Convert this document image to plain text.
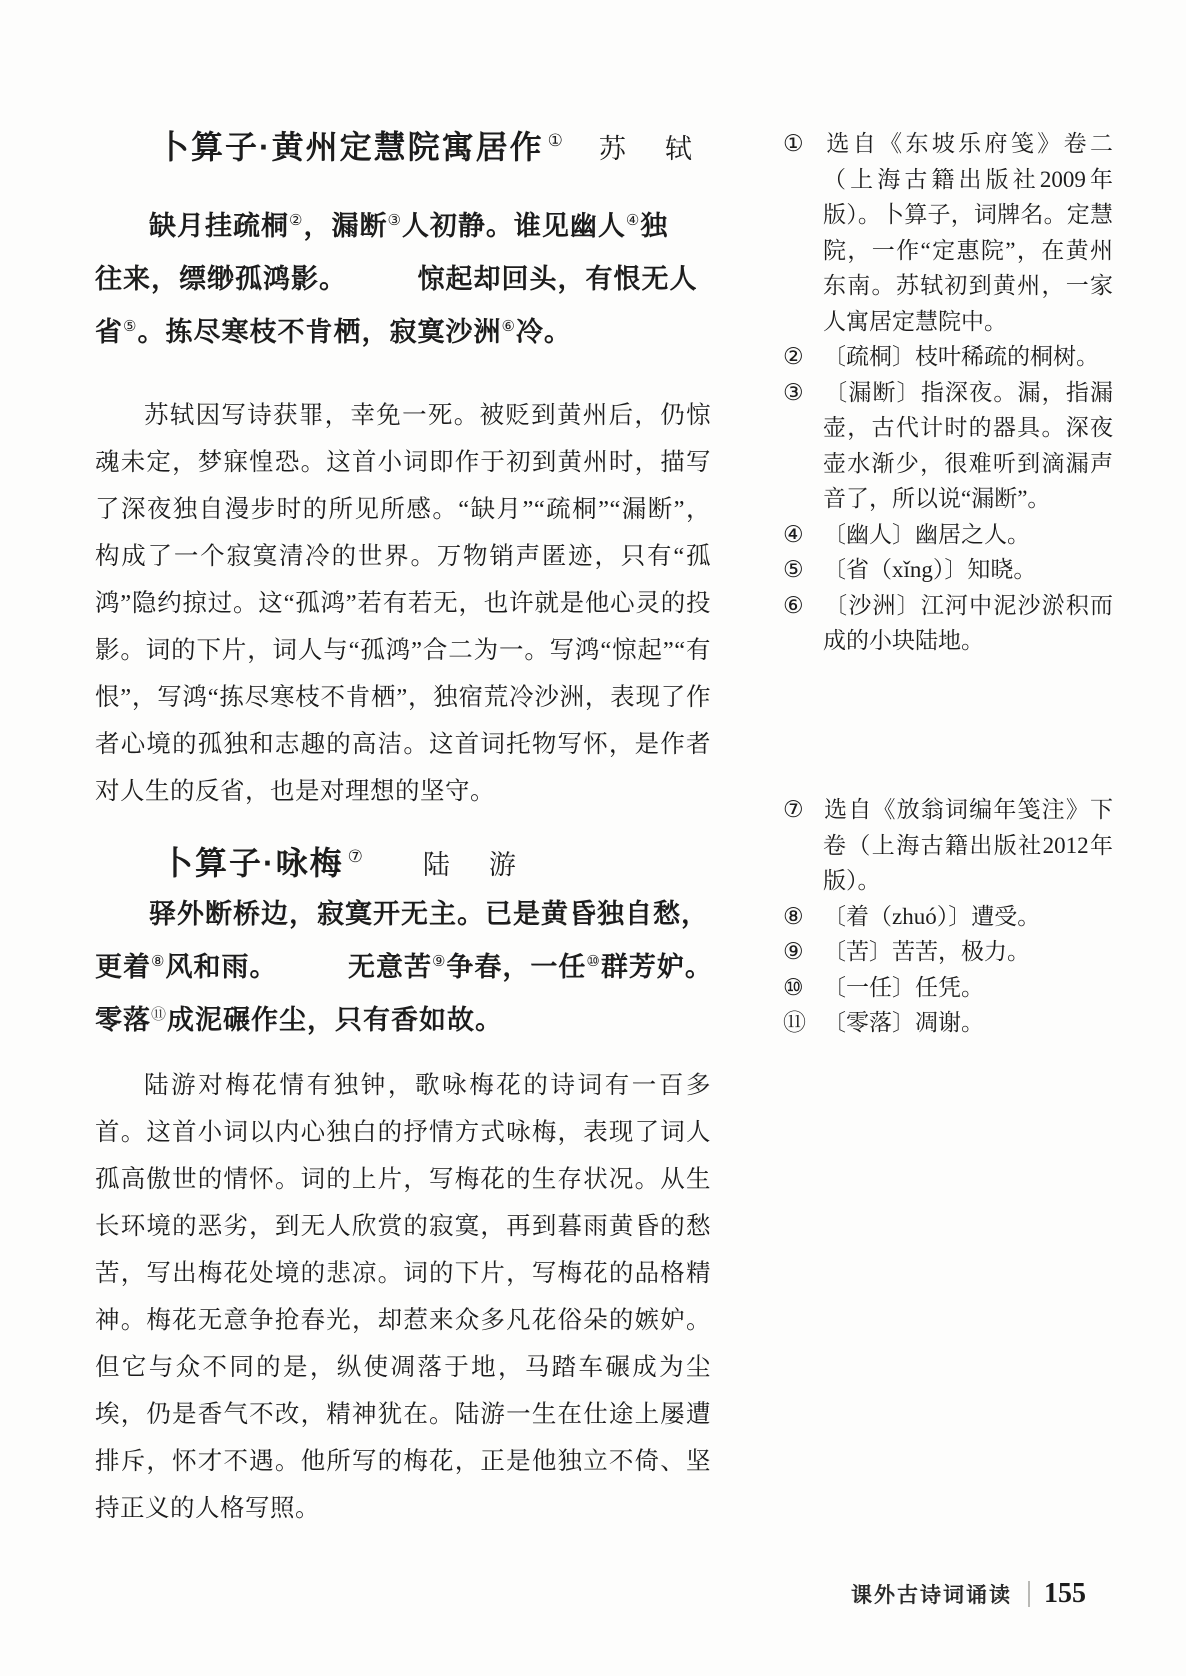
卜算子·黄州定慧院寓居作 ① 苏　轼
缺月挂疏桐②，漏断③人初静。谁见幽人④独
往来，缥缈孤鸿影。　　　惊起却回头，有恨无人
省⑤。拣尽寒枝不肯栖，寂寞沙洲⑥冷。
苏轼因写诗获罪，幸免一死。被贬到黄州后，仍惊魂未定，梦寐惶恐。这首小词即作于初到黄州时，描写了深夜独自漫步时的所见所感。“缺月”“疏桐”“漏断”，构成了一个寂寞清冷的世界。万物销声匿迹，只有“孤鸿”隐约掠过。这“孤鸿”若有若无，也许就是他心灵的投影。词的下片，词人与“孤鸿”合二为一。写鸿“惊起”“有恨”，写鸿“拣尽寒枝不肯栖”，独宿荒冷沙洲，表现了作者心境的孤独和志趣的高洁。这首词托物写怀，是作者对人生的反省，也是对理想的坚守。
卜算子·咏梅 ⑦ 陆　游
驿外断桥边，寂寞开无主。已是黄昏独自愁，
更着⑧风和雨。　　　无意苦⑨争春，一任⑩群芳妒。
零落⑪成泥碾作尘，只有香如故。
陆游对梅花情有独钟，歌咏梅花的诗词有一百多首。这首小词以内心独白的抒情方式咏梅，表现了词人孤高傲世的情怀。词的上片，写梅花的生存状况。从生长环境的恶劣，到无人欣赏的寂寞，再到暮雨黄昏的愁苦，写出梅花处境的悲凉。词的下片，写梅花的品格精神。梅花无意争抢春光，却惹来众多凡花俗朵的嫉妒。但它与众不同的是，纵使凋落于地，马踏车碾成为尘埃，仍是香气不改，精神犹在。陆游一生在仕途上屡遭排斥，怀才不遇。他所写的梅花，正是他独立不倚、坚持正义的人格写照。
① 选自《东坡乐府笺》卷二（上海古籍出版社2009年版）。卜算子，词牌名。定慧院，一作“定惠院”，在黄州东南。苏轼初到黄州，一家人寓居定慧院中。
② 〔疏桐〕枝叶稀疏的桐树。
③ 〔漏断〕指深夜。漏，指漏壶，古代计时的器具。深夜壶水渐少，很难听到滴漏声音了，所以说“漏断”。
④ 〔幽人〕幽居之人。
⑤ 〔省（xǐng）〕知晓。
⑥ 〔沙洲〕江河中泥沙淤积而成的小块陆地。
⑦ 选自《放翁词编年笺注》下卷（上海古籍出版社2012年版）。
⑧ 〔着（zhuó）〕遭受。
⑨ 〔苦〕苦苦，极力。
⑩ 〔一任〕任凭。
⑪ 〔零落〕凋谢。
课外古诗词诵读 155
